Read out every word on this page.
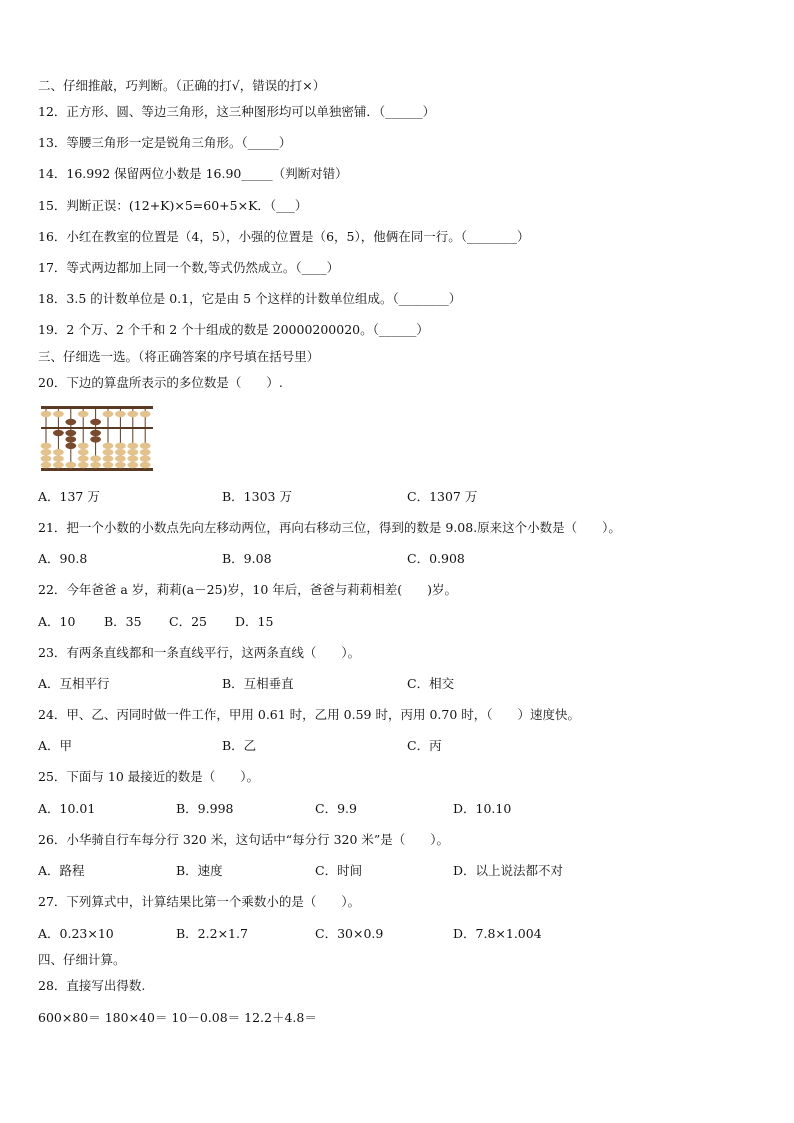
二、仔细推敲，巧判断。（正确的打√，错误的打×）
12．正方形、圆、等边三角形，这三种图形均可以单独密铺．（______）
13．等腰三角形一定是锐角三角形。（_____）
14．16.992 保留两位小数是 16.90_____（判断对错）
15．判断正误：(12+K)×5=60+5×K．（___）
16．小红在教室的位置是（4，5），小强的位置是（6，5），他俩在同一行。（________）
17．等式两边都加上同一个数,等式仍然成立。（____）
18．3.5 的计数单位是 0.1，它是由 5 个这样的计数单位组成。（________）
19．2 个万、2 个千和 2 个十组成的数是 20000200020。（______）
三、仔细选一选。（将正确答案的序号填在括号里）
20．下边的算盘所表示的多位数是（　　）.
A．137 万	B．1303 万	C．1307 万
21．把一个小数的小数点先向左移动两位，再向右移动三位，得到的数是 9.08.原来这个小数是（　　）。
A．90.8	B．9.08	C．0.908
22．今年爸爸 a 岁，莉莉(a－25)岁，10 年后，爸爸与莉莉相差(　　)岁。
A．10 B．35 C．25 D．15
23．有两条直线都和一条直线平行，这两条直线（　　）。
A．互相平行	B．互相垂直	C．相交
24．甲、乙、丙同时做一件工作，甲用 0.61 时，乙用 0.59 时，丙用 0.70 时，（　　）速度快。
A．甲	B．乙	C．丙
25．下面与 10 最接近的数是（　　）。
A．10.01	B．9.998	C．9.9	D．10.10
26．小华骑自行车每分行 320 米，这句话中“每分行 320 米”是（　　）。
A．路程	B．速度	C．时间	D．以上说法都不对
27．下列算式中，计算结果比第一个乘数小的是（　　）。
A．0.23×10	B．2.2×1.7	C．30×0.9	D．7.8×1.004
四、仔细计算。
28．直接写出得数.
600×80＝ 180×40＝ 10－0.08＝ 12.2＋4.8＝
